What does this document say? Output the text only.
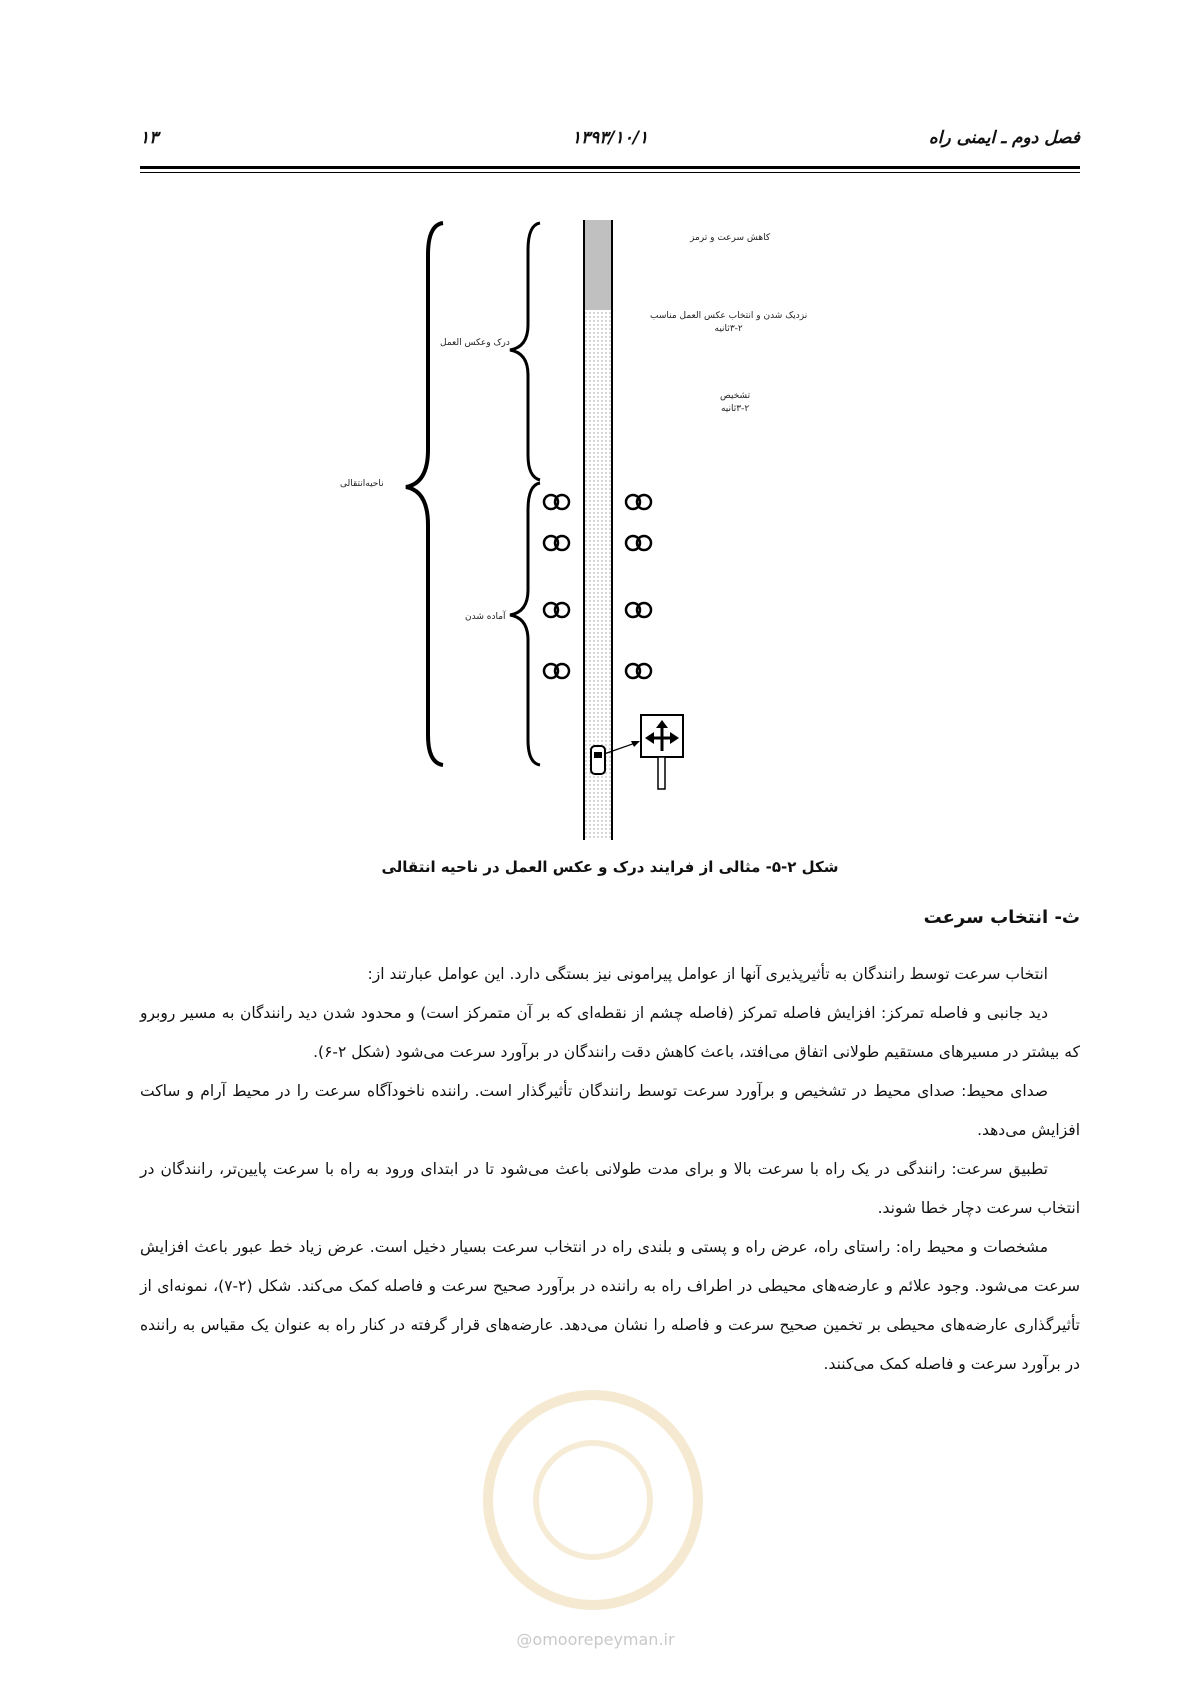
فصل دوم ـ ایمنی راه
۱۳۹۳/۱۰/۱
۱۳
کاهش سرعت و ترمز
نزدیک شدن و انتخاب عکس العمل مناسب
۳-۲ثانیه
تشخیص
۳-۲ثانیه
درک وعکس العمل
ناحیه‌انتقالی
آماده شدن
شکل ۲-۵- مثالی از فرایند درک و عکس العمل در ناحیه انتقالی
ث- انتخاب سرعت

انتخاب سرعت توسط رانندگان به تأثیرپذیری آنها از عوامل پیرامونی نیز بستگی دارد. این عوامل عبارتند از:

دید جانبی و فاصله تمرکز: افزایش فاصله تمرکز (فاصله چشم از نقطه‌ای که بر آن متمرکز است) و محدود شدن دید رانندگان به مسیر روبرو که بیشتر در مسیرهای مستقیم طولانی اتفاق می‌افتد، باعث کاهش دقت رانندگان در برآورد سرعت می‌شود (شکل ۲-۶).

صدای محیط: صدای محیط در تشخیص و برآورد سرعت توسط رانندگان تأثیرگذار است. راننده ناخودآگاه سرعت را در محیط آرام و ساکت افزایش می‌دهد.

تطبیق سرعت: رانندگی در یک راه با سرعت بالا و برای مدت طولانی باعث می‌شود تا در ابتدای ورود به راه با سرعت پایین‌تر، رانندگان در انتخاب سرعت دچار خطا شوند.

مشخصات و محیط راه: راستای راه، عرض راه و پستی و بلندی راه در انتخاب سرعت بسیار دخیل است. عرض زیاد خط عبور باعث افزایش سرعت می‌شود. وجود علائم و عارضه‌های محیطی در اطراف راه به راننده در برآورد صحیح سرعت و فاصله کمک می‌کند. شکل (۲-۷)، نمونه‌ای از تأثیرگذاری عارضه‌های محیطی بر تخمین صحیح سرعت و فاصله را نشان می‌دهد. عارضه‌های قرار گرفته در کنار راه به عنوان یک مقیاس به راننده در برآورد سرعت و فاصله کمک می‌کنند.

@omoorepeyman.ir
